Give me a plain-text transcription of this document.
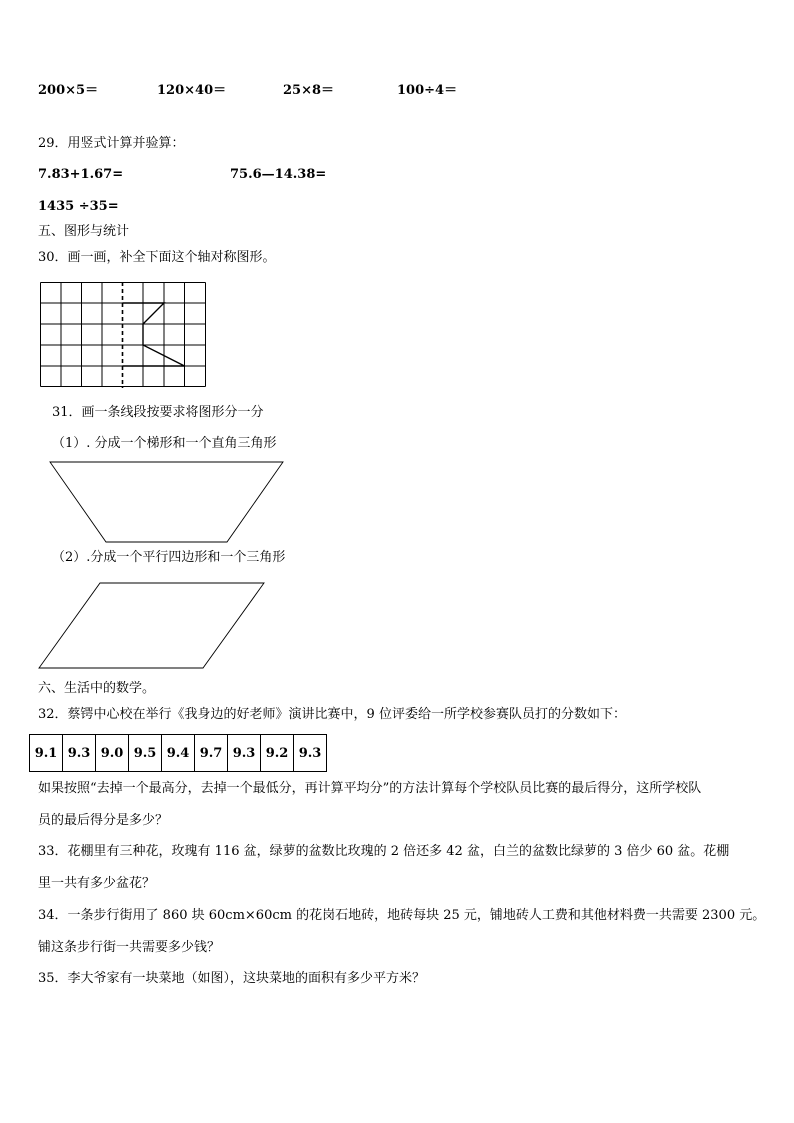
200×5＝	120×40＝	25×8＝	100÷4＝
29．用竖式计算并验算：
7.83+1.67=	75.6—14.38=
1435 ÷35=
五、图形与统计
30．画一画，补全下面这个轴对称图形。
31．画一条线段按要求将图形分一分
（1）. 分成一个梯形和一个直角三角形
（2）.分成一个平行四边形和一个三角形
六、生活中的数学。
32．蔡锷中心校在举行《我身边的好老师》演讲比赛中，9 位评委给一所学校参赛队员打的分数如下：
9.1	9.3	9.0	9.5	9.4	9.7	9.3	9.2	9.3
如果按照“去掉一个最高分，去掉一个最低分，再计算平均分”的方法计算每个学校队员比赛的最后得分，这所学校队
员的最后得分是多少？
33．花棚里有三种花，玫瑰有 116 盆，绿萝的盆数比玫瑰的 2 倍还多 42 盆，白兰的盆数比绿萝的 3 倍少 60 盆。花棚
里一共有多少盆花？
34．一条步行街用了 860 块 60cm×60cm 的花岗石地砖，地砖每块 25 元，铺地砖人工费和其他材料费一共需要 2300 元。
铺这条步行街一共需要多少钱？
35．李大爷家有一块菜地（如图），这块菜地的面积有多少平方米？
